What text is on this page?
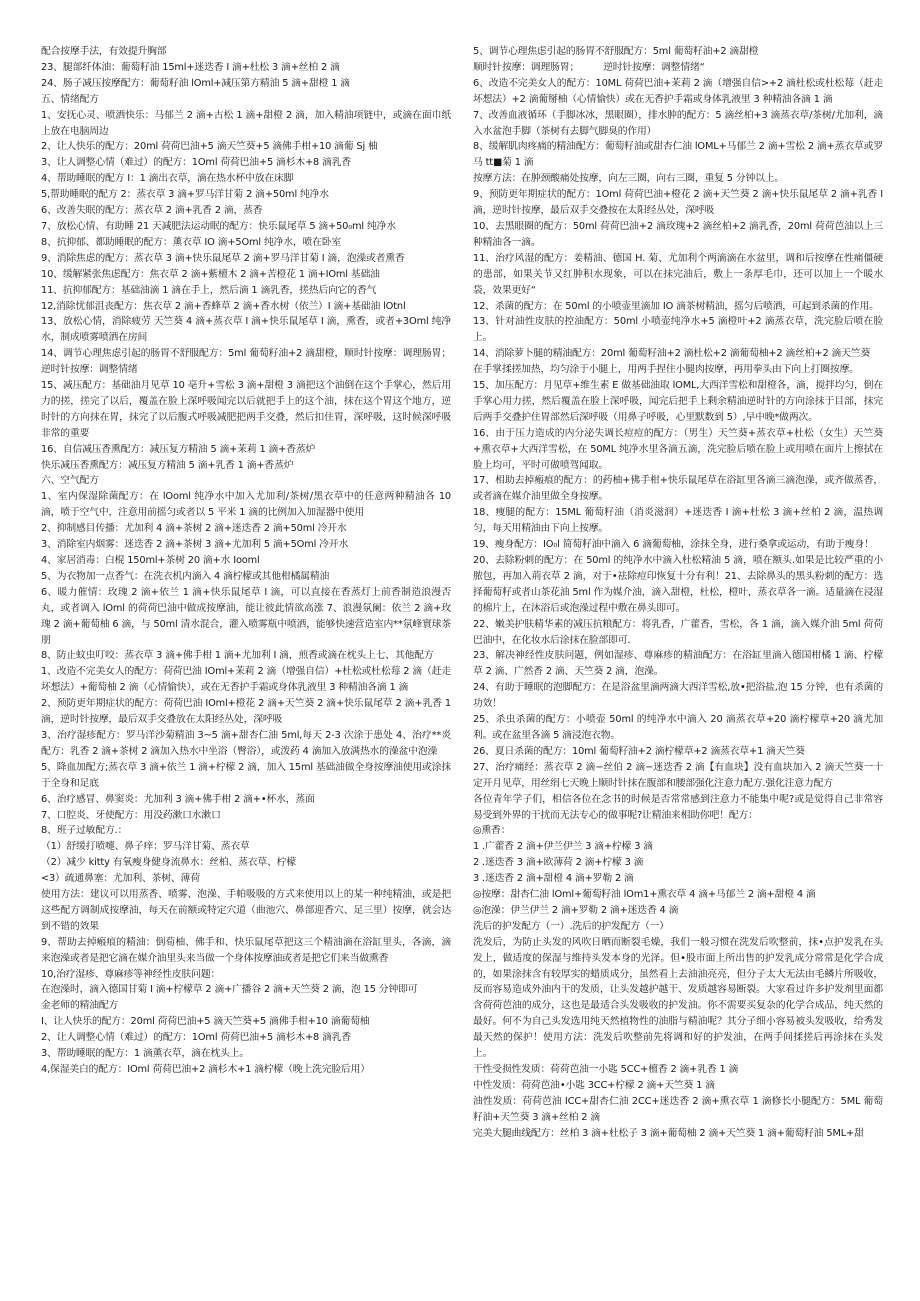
配合按摩手法，有效提升胸部

23、腿部纤体油：葡萄籽油 15ml+迷迭香 I 滴+杜松 3 滴+丝柏 2 滴

24、肠子减压按摩配方：葡萄籽油 lOml+减压第方精油 5 滴+甜橙 1 滴

五、情绪配方

1、安抚心灵、喷洒快乐：马郁兰 2 滴+古松 1 滴+甜橙 2 滴，加入精油项链中，或滴在面巾纸上放在电脑周边

2、让人快乐的配方：20ml 荷荷巴油+5 滴天竺葵+5 滴佛手柑+10 滴葡 Sj 柚

3、让人调整心情（难过）的配方：1Oml 荷荷巴油+5 滴杉木+8 滴乳香

4、帮助睡眠的配方 I：1 滴出衣草，滴在热水杯中放在床脚

5,帮助睡眠的配方 2：蒸衣草 3 滴+罗马洋甘菊 2 滴+50ml 纯净水

6、改善失眠的配方：蒸衣草 2 滴+乳香 2 滴，蒸香

7、放松心情、有助睡 21 天减肥法运动眠的配方：快乐鼠尾草 5 滴+50₀ml 纯净水

8、抗抑郁、都助睡眠的配方：薰衣草 IO 滴+5Oml 纯净水，喷在卧室

9、消除焦虑的配方：蒸衣草 3 滴+快乐鼠尾草 2 滴+罗马洋甘菊 I 滴，泡澡或者熏香

10、缓解紧张焦虑配方：焦衣草 2 滴+紫檀木 2 滴+苦橙花 1 滴+IOml 基础油

11、抗抑郁配方：基础油滴 1 滴在手上，然后滴 1 滴乳香，搓热后向它的香气

12,消除忧郁沮丧配方：焦衣草 2 滴+香蜂草 2 滴+香水树（依兰）I 滴+基础油 lOtnl

13、放松心情，消除疲劳 天竺葵 4 滴+蒸衣草 I 滴+快乐鼠尾草 I 滴，熏香，或者+3Oml 纯净水，制成喷雾喷洒在房间

14、调节心理焦虑引起的肠胃不舒服配方：5ml 葡萄籽油+2 滴甜橙，顺时针按摩：调理肠胃；逆时针按摩：调整情绪

15、减压配方：基础油月见草 10 亳升+雪松 3 滴+甜橙 3 滴把这个油倒在这个手掌心，然后用力的搓，搓完了以后，覆盖在脸上深呼吸闻完以后就把手上的这个油，抹在这个胃这个地方，逆时针的方向抹在胃，抹完了以后腹式呼吸减肥把两手交叠，然后扣住胃，深呼吸，这时候深呼吸非常的重要

16、自信减压香熏配方：减压复方精油 5 滴+茉莉 1 滴+香蒸炉

快乐减压香熏配方：减压复方精油 5 滴+乳香 1 滴+香蒸炉

六、空气配方

1、室内保湿除菌配方：在 lOoml 纯净水中加入尤加利/茶树/黑衣草中的任意两种精油各 10 滴，喷于空气中，注意用前摇匀或者以 5 平米 1 滴的比例加入加湿器中使用

2、抑制感目传播：尤加利 4 滴+茶树 2 滴+迷迭香 2 滴+50ml 冷开水

3、消除室内烟雾：迷迭香 2 滴+茶树 3 滴+尤加利 5 滴+5Oml 冷开水

4、家居消毒：白棍 150ml+茶树 20 滴+水 Iooml

5、为衣物加一点香气：在洗衣机内滴入 4 滴柠檬或其他柑橘属精油

6、暖力催情：玫瑰 2 滴+依兰 1 滴+快乐鼠尾草 I 滴，可以直接在香蒸灯上前香制造浪漫否丸，或者调入 lOml 的荷荷巴油中做成按摩油，能让彼此情欲高涨 7、浪漫氛阑：依兰 2 滴+玫瑰 2 滴+葡萄柚 6 滴，与 50ml 清水混合，灌入喷雾瓶中喷洒，能够快速营造室内**氛峰寰球茶朋

8、防止蚊虫叮咬：蒸衣草 3 滴+佛手柑 1 滴+尤加利 I 滴，煎香或滴在枕头上七、其他配方

1、改造不完美女人的配方：荷荷巴油 IOml+茉莉 2 滴（增强自信）+杜松或杜松莓 2 滴（赶走坏想法）+葡萄柚 2 滴（心情愉快），或在无香护手霜或身体乳液里 3 种精油各滴 1 滴

2、预防更年期症状的配方：荷荷巴油 IOml+橙花 2 滴+天竺葵 2 滴+快乐鼠尾草 2 滴+乳香 1 滴，逆时针按摩，最后双手交叠放在太阳经丛处，深呼吸

3、治疗湿疹配方：罗马洋沙菊精油 3~5 滴+甜杏仁油 5ml,每天 2-3 次涂于患处 4、治疗**炎配方：乳香 2 滴+茶树 2 滴加入热水中坐浴（臀浴），或泼药 4 滴加入放满热水的澡盆中泡澡

5、降血加配方;蒸衣草 3 滴+依兰 1 滴+柠檬 2 滴，加入 15ml 基础油做全身按摩油使用或涂抹于全身和足底

6、治疗感冒、鼻窦炎：尤加利 3 滴+佛手柑 2 滴+•杯水，蒸面

7、口腔炎、牙使配方：用没药漱口水漱口

8、班子过敏配方.：

（1）舒缓打喷嚏、鼻子痒：罗马洋甘菊、蒸衣草

（2）减少 kitty 有氧瘦身健身流鼻水：丝柏、蒸衣草、柠檬

<3）疏通鼻塞：尤加利、茶树、薄荷

使用方法：建议可以用蒸香、喷雾、泡澡、手帕吸吸的方式来使用以上的某一种纯精油，或是把这些配方调制成按摩油，每天在前额或特定穴道（曲池穴、鼻部迎香穴、足三里）按摩，就会达到不错的效果

9、帮助去掉瘢痕的精油：倒荀柚、佛手和、快乐鼠尾草把这三个精油滴在浴缸里头，各滴，滴来泡澡或者是把它滴在媒介油里头来当做一个身体按摩油或者是把它们来当做熏香

10,治疗湿疹、尊麻疹等神经性皮肤问题：

在泡澡时，滴入德国甘菊 I 滴+柠檬草 2 滴+广播谷 2 滴+天竺葵 2 滴，泡 15 分钟即可

金老师的精油配方

I、让人快乐的配方：20ml 荷荷巴油+5 滴天竺葵+5 滴佛手柑+10 滴葡萄柚

2、让人调整心情（难过）的配方：1Oml 荷荷巴油+5 滴杉木+8 滴乳香

3、帮助睡眠的配方：1 滴薰衣草，滴在枕头上。

4,保湿美白的配方：IOml 荷荷巴油+2 滴杉木+1 滴柠檬（晚上洗完脸后用）

5、调节心理焦虑引起的肠胃不舒服配方：5ml 葡萄籽油+2 滴甜橙

顺时针按摩：调理肠胃；　　　逆时针按摩：调整情绪“

6、改造不完美女人的配方：10ML 荷荷巴油+茉莉 2 滴（增强自信>+2 滴杜松或杜松莓（赶走坏想法）+2 滴葡掰柚（心情愉快）或在无香护手霜或身体乳液里 3 种精油各滴 1 滴

7、改善血液循环（手脚冰冰，黑眼圈），排水肿的配方：5 滴丝柏+3 滴蒸衣草/茶树/尤加利，滴入水盆泡手脚（茶树有去脚气脚臭的作用）

8、缓解肌肉疼痛的精油配方：葡萄籽油或甜杏仁油 lOML+马郁兰 2 滴+雪松 2 滴+蒸衣草或罗马 tt■菊 1 滴

按摩方法：在肿颈酸痛处按摩，向左三圈，向右三圈，重复 5 分钟以上。

9、预防更年期症状的配方：1Oml 荷荷巴油+橙花 2 滴+天竺葵 2 滴+快乐鼠尾草 2 滴+乳香 I 滴，逆时针按摩，最后双手交叠按在太阳经丛处，深呼吸

10、去黑眼圈的配方：50ml 荷荷巴油+2 滴玫瑰+2 滴丝柏+2 滴乳香，20ml 荷荷芭油以上三种精油各一滴。

11、治疗风湿的配方：姜精油、德国 H. 菊、尤加利个两滴滴在水盆里，调和后按摩在性痛僵硬的患部，如果关节又红肿积水现象，可以在抹完油后，敷上一条厚毛巾，还可以加上一个暖水袋，效果更好“

12、杀菌的配方：在 50ml 的小喷壶里滴加 IO 滴茶树精油，摇匀后喷洒，可起到杀菌的作用。

13、针对油性皮肤的控油配方：50ml 小喷壶纯净水+5 滴橙叶+2 滴蒸衣草，洗完脸后喷在脸上。

14、消除萝卜腿的精油配方：20ml 葡萄籽油+2 滴杜松+2 滴葡萄柚+2 滴丝柏+2 滴天竺葵

在手掌揉搓加热，均匀涂于小腿上，用两手捏住小腿肉按摩，再用拳头由下向上打圈按摩。

15、加压配方：月见草+维生素 E 做基础油取 lOML,大西洋雪松和甜橙各，滴，搅拌均匀，倒在手掌心用力搓，然后覆盖在脸上深呼吸，闻完后把手上剩余精油逆时针的方向涂抹于目部，抹完后两手交叠护住胃部然后深呼吸（用鼻子呼吸，心里默数到 5）,早中晚*做两次。

16、由于压力造成的内分泌失调长痘痘的配方：（男生）天竺葵+蒸衣草+杜松（女生）天竺葵+熏衣草+大西洋雪松，在 50ML 纯净水里各滴五滴，洗完脸后喷在脸上或用喷在面片上擦拭在脸上均可，平时可做喷驾闻取。

17、相助去掉瘢痕的配方：的药柚+佛手柑+快乐鼠尾草在浴缸里各滴三滴泡澡，或齐做蒸香，或者滴在媒介油里做全身按摩。

18、瘦腿的配方：15ML 葡萄籽油（消炎滋润）+迷迭香 I 滴+杜松 3 滴+丝柏 2 滴，温热调匀，每天用精油由下向上按摩。

19、瘦身配方：IO₀l 简萄籽油中滴入 6 滴葡萄柚，涂抹全身，进行桑拿或运动，有助于瘦身！

20、去除粉刺的配方：在 50ml 的纯净水中滴入杜松精油 5 滴，喷在额头.如果是比较严重的小脓包，再加入荊衣草 2 滴，对于•祛除痘印恢复十分有利！21、去除鼻头的黑头粉刺的配方：选择葡萄籽或者山茶花油 5ml 作为媒介油，滴入甜橙，杜松，橙叶，蒸衣草各一滴。适量滴在浸湿的棉片上，在沐浴后或泡澡过程中敷在鼻头即可。

22、嫩美护肤精华素的减压抗粮配方：将乳香，广藿香，雪松，各 1 滴，滴入媒介油 5ml 荷荷巴油中，在化妆水后涂抹在脸部即可.

23、解决神经性皮肤问题，例如湿疹、尊麻疹的精油配方：在浴缸里滴入德国柑橘 1 滴、柠檬草 2 滴、广然香 2 滴、天竺葵 2 滴，泡澡。

24、有助于睡眠的泡脚配方：在是浴盆里滴两滴大西洋雪松,放•把浴盐,泡 15 分钟，也有杀菌的功效！

25、杀虫杀菌的配方：小喷壶 50ml 的纯净水中滴入 20 滴蒸衣草+20 滴柠檬草+20 滴尤加利。或在盆里各滴 5 滴浸泡衣物。

26、夏日杀菌的配方：10ml 葡萄籽油+2 滴柠檬草+2 滴蒸衣草+1 滴天竺葵

27、治疗痛经：蒸衣草 2 滴−丝伯 2 滴−迷迭香 2 滴【有血块】没有血块加入 2 滴天竺葵一十定开月见草，用丝绢七天晚上顺时针抹在腹部和腰部强化注意力配方.强化注意力配方

各位青年学子们，相信各位在念书的时候是否常常感到注意力不能集中呢?或是觉得自己非常容易受到外界的干扰而无法专心的做事呢?让精油来相助你吧！配方：

◎熏香：

1 .广藿香 2 滴+伊兰伊兰 3 滴+柠檬 3 滴

2 .迷迭香 3 滴+欧薄荷 2 滴+柠檬 3 滴

3 .迷迭香 2 滴+甜橙 4 滴+罗勒 2 滴

◎按摩：甜杏仁油 lOml+葡萄籽油 lOm1+熏衣草 4 滴+马郁兰 2 滴+甜橙 4 滴

◎泡澡：伊兰伊兰 2 滴+罗勒 2 滴+迷迭香 4 滴

洗后的护发配方（一）.洗后的护发配方（一）

洗发后，为防止头发的风吹日晒而断裂毛燥，我们一般习惯在洗发后吹整前，抹•点护发乳在头发上，做适度的保湿与维持头发本身的光泽。但•股市面上所出售的护发乳成分常常是化学合成的，如果涂抹含有较厚实的蜡质成分，虽然看上去油油亮亮，但分子太大无法由毛鳞片所吸收，反而容易造成外油内干的发质，让头发越护越干、发质越容易断裂。大家看过许多护发剂里面都含荷荷芭油的成分，这也是最适合头发吸收的护发油。你不需要买复杂的化学合成品，纯天然的最好。何不为自己头发选用纯天然植物性的油脂与精油呢？其分子细小容易被头发吸收，给秀发最天然的保护！使用方法：洗发后吹整前先将调和好的护发油，在两手间揉搓后再涂抹在头发上。

干性受损性发质：荷荷芭油一小匙 5CC+檀香 2 滴+乳香 1 滴

中性发质：荷荷芭油•小匙 3CC+柠檬 2 滴+天竺葵 1 滴

油性发质：荷荷芭油 ICC+甜杏仁油 2CC+迷迭香 2 滴+熏衣草 1 滴修长小腿配方：5ML 葡萄籽油+天竺葵 3 滴+丝柏 2 滴

完美大腿曲线配方：丝柏 3 滴+杜松子 3 滴+葡萄柚 2 滴+天竺葵 1 滴+葡萄籽油 5ML+甜
